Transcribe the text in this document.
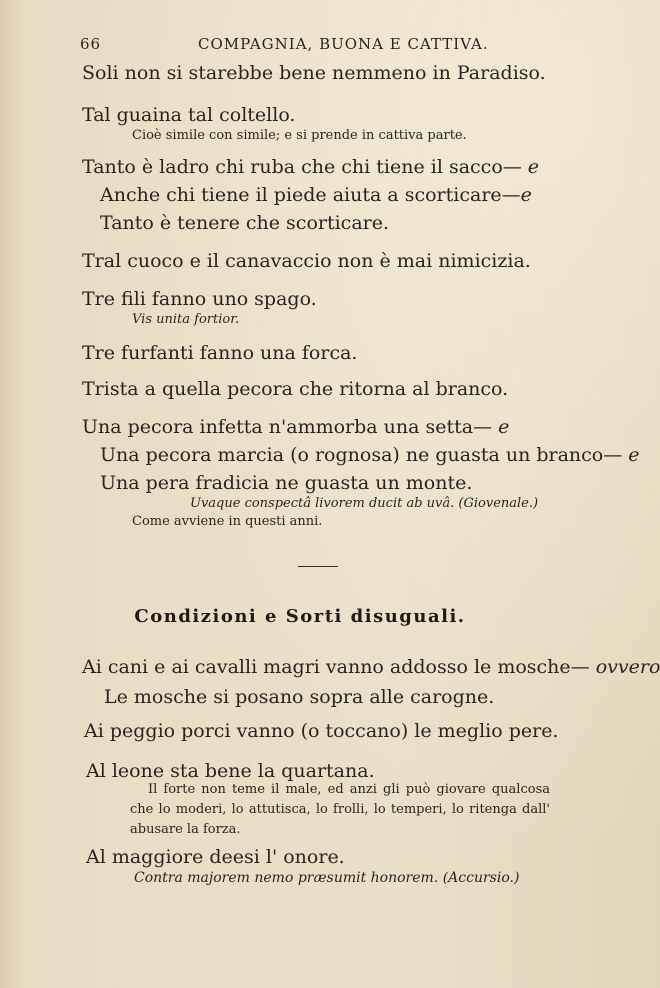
66	COMPAGNIA, BUONA E CATTIVA.
Soli non si starebbe bene nemmeno in Paradiso.
Tal guaina tal coltello.
Cioè simile con simile; e si prende in cattiva parte.
Tanto è ladro chi ruba che chi tiene il sacco— e
Anche chi tiene il piede aiuta a scorticare—e
Tanto è tenere che scorticare.
Tral cuoco e il canavaccio non è mai nimicizia.
Tre fili fanno uno spago.
Vis unita fortior.
Tre furfanti fanno una forca.
Trista a quella pecora che ritorna al branco.
Una pecora infetta n'ammorba una setta— e
Una pecora marcia (o rognosa) ne guasta un branco— e
Una pera fradicia ne guasta un monte.
Uvaque conspectâ livorem ducit ab uvâ. (Giovenale.)
Come avviene in questi anni.
Condizioni e Sorti disuguali.
Ai cani e ai cavalli magri vanno addosso le mosche— ovvero
Le mosche si posano sopra alle carogne.
Ai peggio porci vanno (o toccano) le meglio pere.
Al leone sta bene la quartana.
Il forte non teme il male, ed anzi gli può giovare qualcosa che lo moderi, lo attutisca, lo frolli, lo temperi, lo ritenga dall' abusare la forza.
Al maggiore deesi l' onore.
Contra majorem nemo præsumit honorem. (Accursio.)
